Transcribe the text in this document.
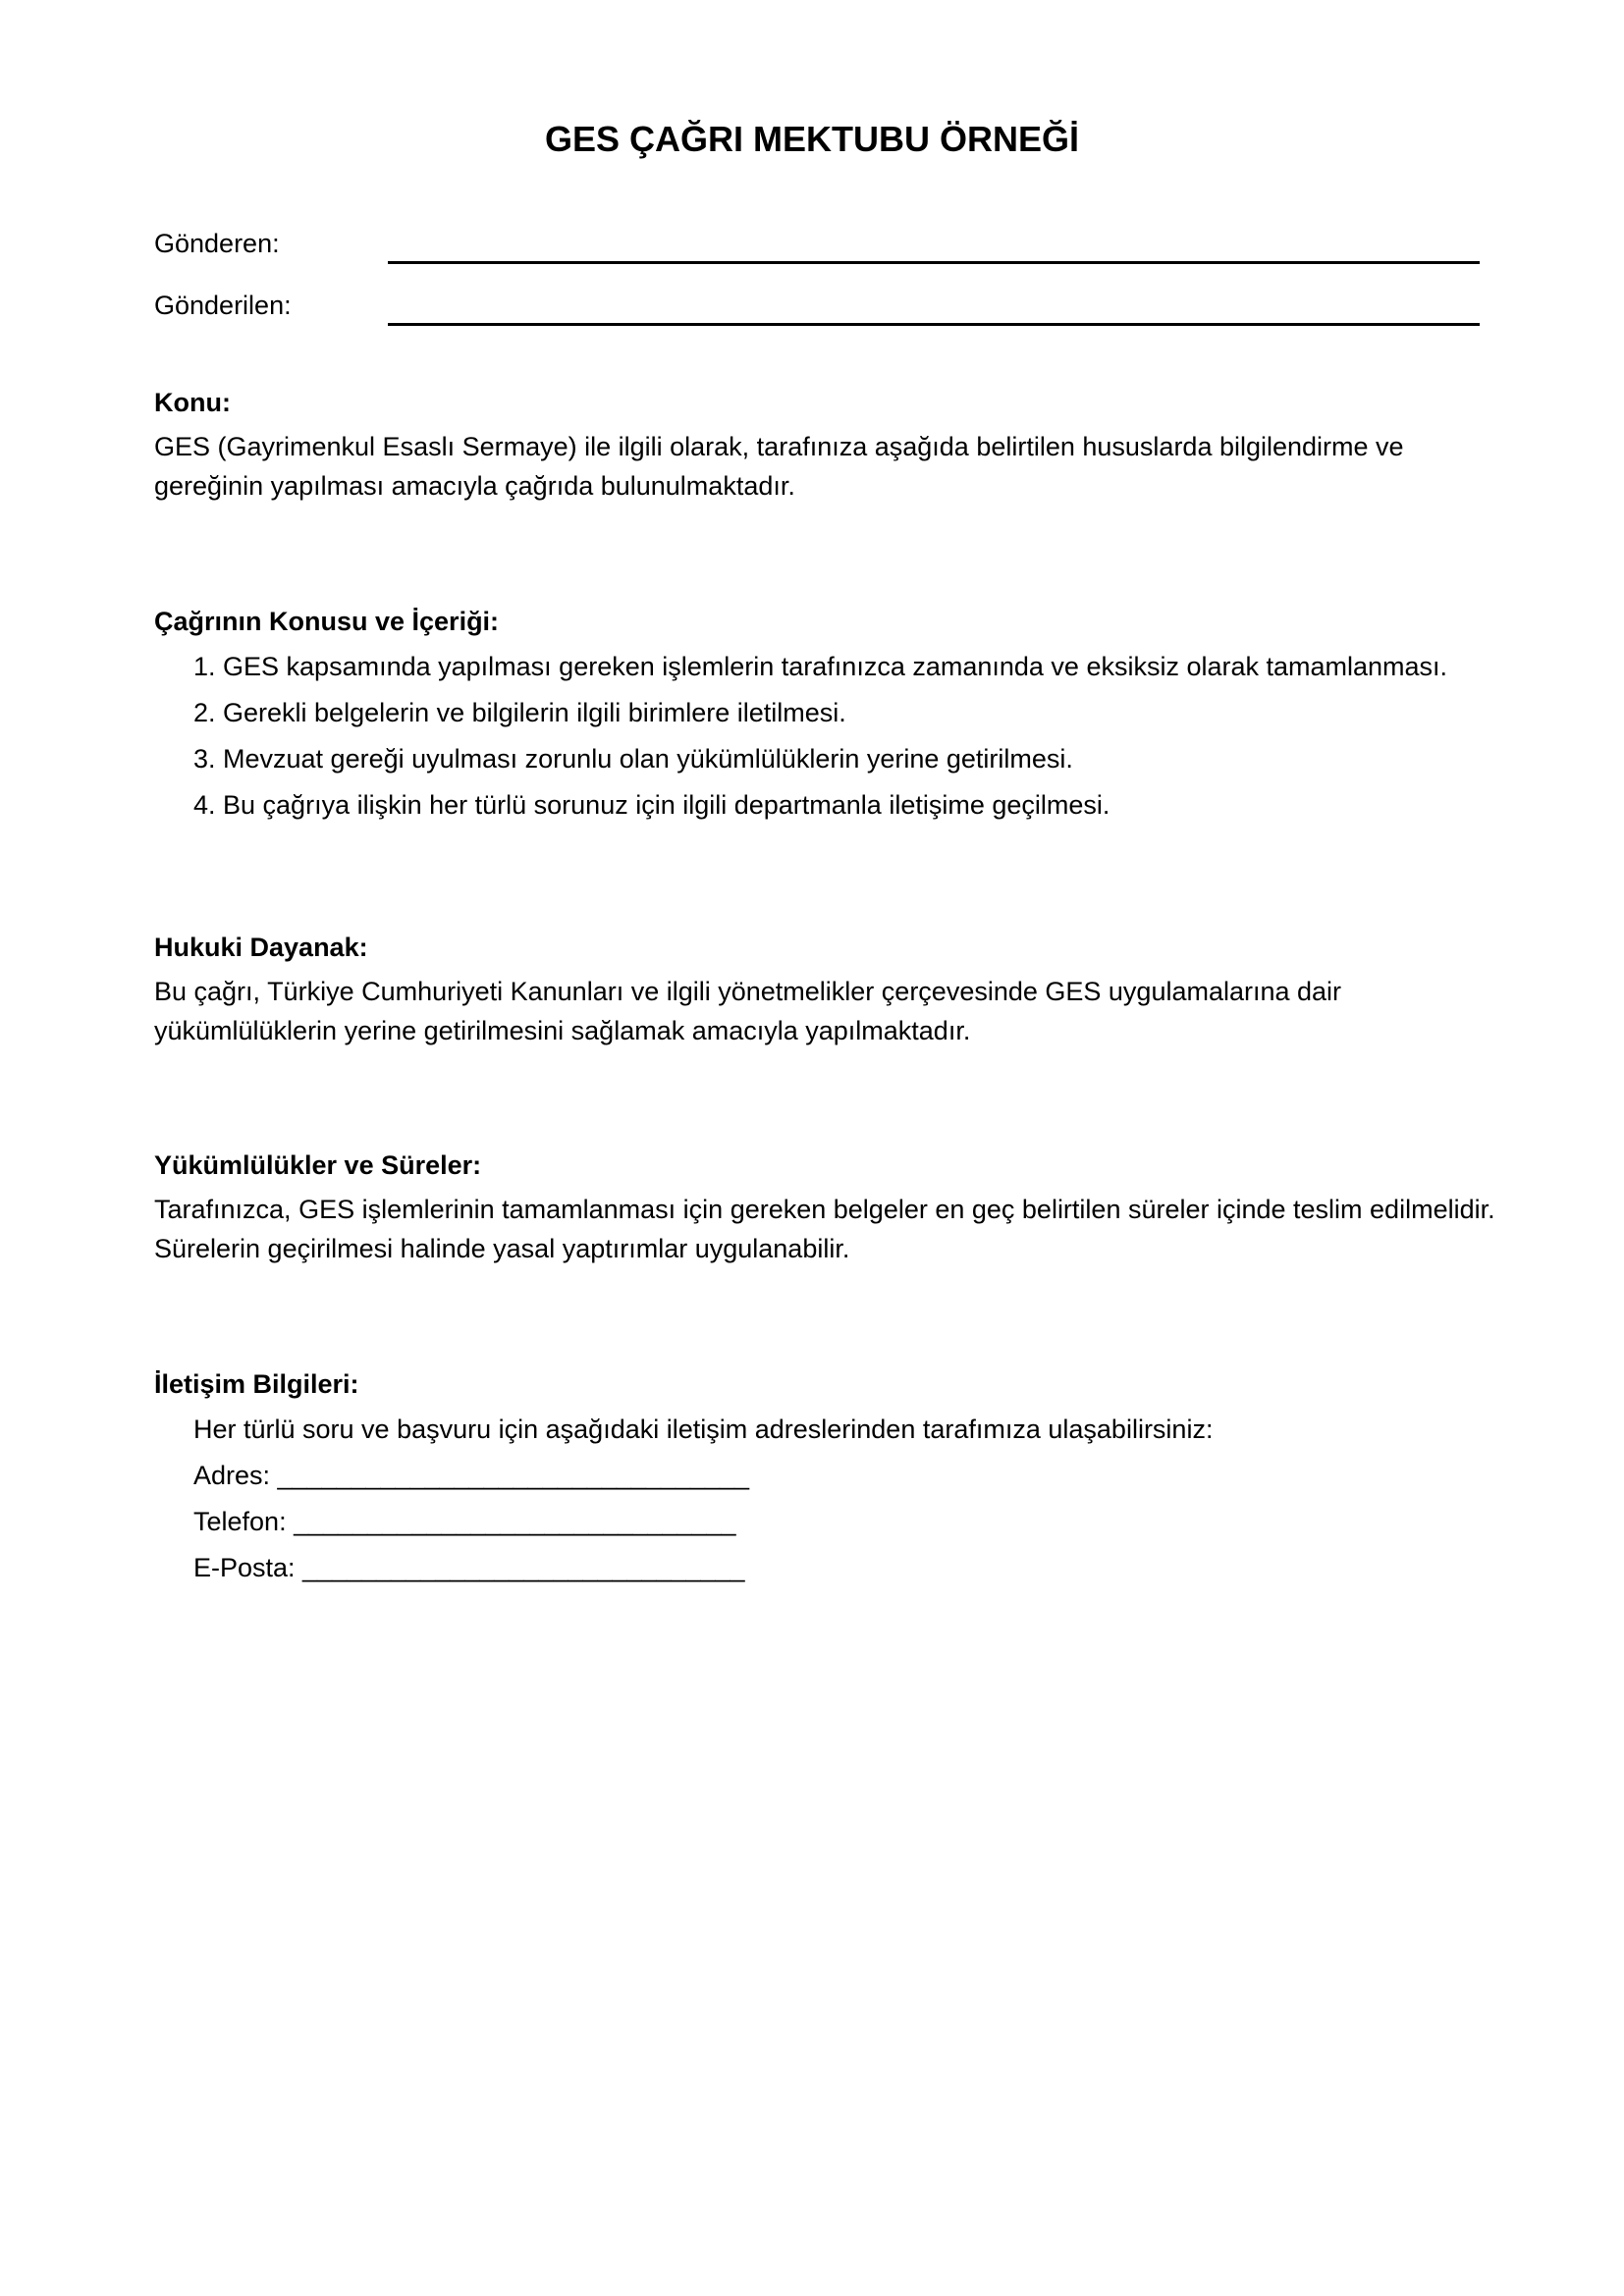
GES ÇAĞRI MEKTUBU ÖRNEĞİ
Gönderen:
Gönderilen:
Konu:

GES (Gayrimenkul Esaslı Sermaye) ile ilgili olarak, tarafınıza aşağıda belirtilen hususlarda bilgilendirme ve gereğinin yapılması amacıyla çağrıda bulunulmaktadır.

Çağrının Konusu ve İçeriği:
1. GES kapsamında yapılması gereken işlemlerin tarafınızca zamanında ve eksiksiz olarak tamamlanması.
2. Gerekli belgelerin ve bilgilerin ilgili birimlere iletilmesi.
3. Mevzuat gereği uyulması zorunlu olan yükümlülüklerin yerine getirilmesi.
4. Bu çağrıya ilişkin her türlü sorunuz için ilgili departmanla iletişime geçilmesi.
Hukuki Dayanak:

Bu çağrı, Türkiye Cumhuriyeti Kanunları ve ilgili yönetmelikler çerçevesinde GES uygulamalarına dair yükümlülüklerin yerine getirilmesini sağlamak amacıyla yapılmaktadır.

Yükümlülükler ve Süreler:

Tarafınızca, GES işlemlerinin tamamlanması için gereken belgeler en geç belirtilen süreler içinde teslim edilmelidir. Sürelerin geçirilmesi halinde yasal yaptırımlar uygulanabilir.

İletişim Bilgileri:
Her türlü soru ve başvuru için aşağıdaki iletişim adreslerinden tarafımıza ulaşabilirsiniz:
Adres: ________________________________
Telefon: ______________________________
E-Posta: ______________________________
